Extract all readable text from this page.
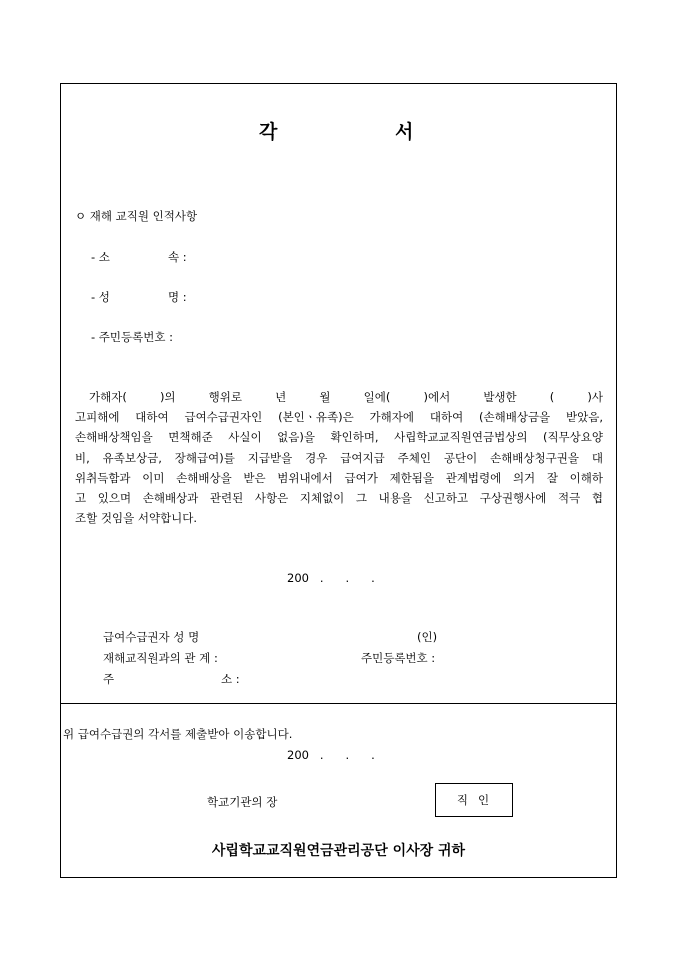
각	서
ㅇ 재해 교직원 인적사항
- 소	속 :
- 성	명 :
- 주민등록번호 :
가해자( )의 행위로 년 월 일에( )에서 발생한 ( )사
고피해에 대하여 급여수급권자인 (본인ㆍ유족)은 가해자에 대하여 (손해배상금을 받았음,
손해배상책임을 면책해준 사실이 없음)을 확인하며, 사립학교교직원연금법상의 (직무상요양
비, 유족보상금, 장해급여)를 지급받을 경우 급여지급 주체인 공단이 손해배상청구권을 대
위취득함과 이미 손해배상을 받은 범위내에서 급여가 제한됨을 관계법령에 의거 잘 이해하
고 있으며 손해배상과 관련된 사항은 지체없이 그 내용을 신고하고 구상권행사에 적극 협
조할 것임을 서약합니다.
200   .      .      .
급여수급권자 성 명	(인)
재해교직원과의 관 계 :	주민등록번호 :
주	소 :
위 급여수급권의 각서를 제출받아 이송합니다.
200   .      .      .
학교기관의 장	직인
사립학교교직원연금관리공단 이사장 귀하
